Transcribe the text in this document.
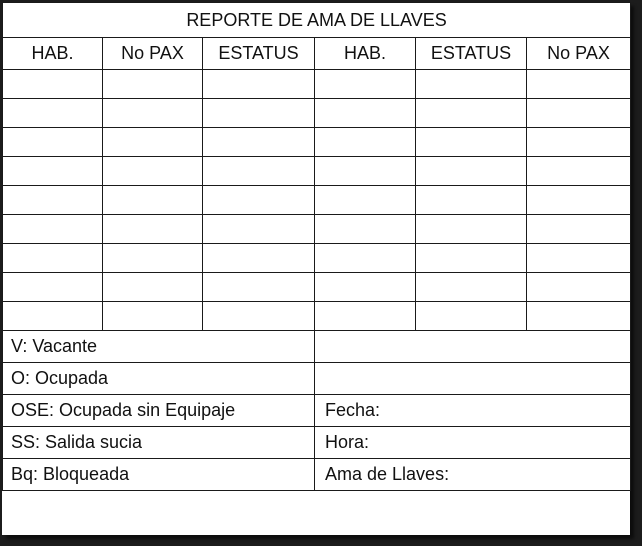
REPORTE DE AMA DE LLAVES					
HAB.	No PAX	ESTATUS	HAB.	ESTATUS	No PAX

V: Vacante					
O: Ocupada					
OSE: Ocupada sin Equipaje			Fecha:		
SS: Salida sucia			Hora:		
Bq: Bloqueada			Ama de Llaves:		
